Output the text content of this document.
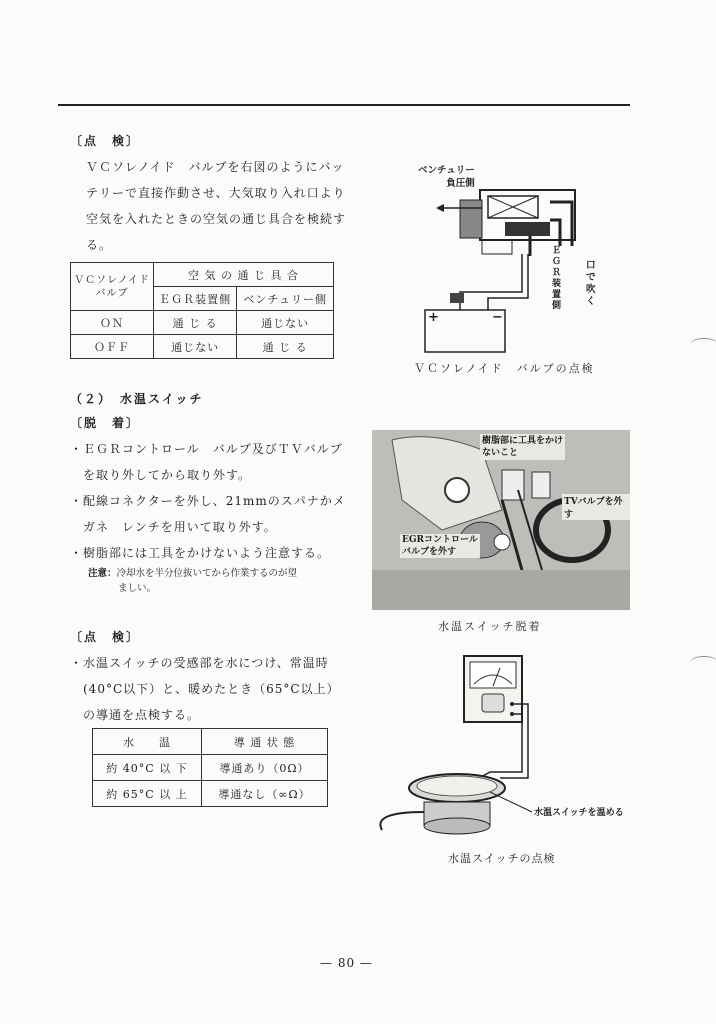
〔点　検〕
ＶＣソレノイド　バルブを右図のようにバッ
テリーで直接作動させ、大気取り入れ口より
空気を入れたときの空気の通じ具合を検続す
る。
ＶＣソレノイド
バルブ	空 気 の 通 じ 具 合	
	ＥＧＲ装置側	ベンチュリー側
ＯＮ	通 じ る	通じない
ＯＦＦ	通じない	通 じ る
ベンチュリー
負圧側
口で
吹く
ＥＧＲ装置側
+	−
ＶＣソレノイド　バルブの点検
（２）　水温スイッチ
〔脱　着〕
・ＥＧＲコントロール　バルブ及びＴＶバルブ
　を取り外してから取り外す。
・配線コネクターを外し、21mmのスパナかメ
　ガネ　レンチを用いて取り外す。
・樹脂部には工具をかけないよう注意する。
注意：冷却水を半分位抜いてから作業するのが望
ましい。
樹脂部に工具をかけ
ないこと
TVバルブを外す
EGRコントロール
バルブを外す
水温スイッチ脱着
〔点　検〕
・水温スイッチの受感部を水につけ、常温時
　(40°C以下）と、暖めたとき（65°C以上）
　の導通を点検する。
水　　温	導 通 状 態
約 40°C 以 下	導通あり（0Ω）
約 65°C 以 上	導通なし（∞Ω）
水温スイッチを温める
水温スイッチの点検
— 80 —
